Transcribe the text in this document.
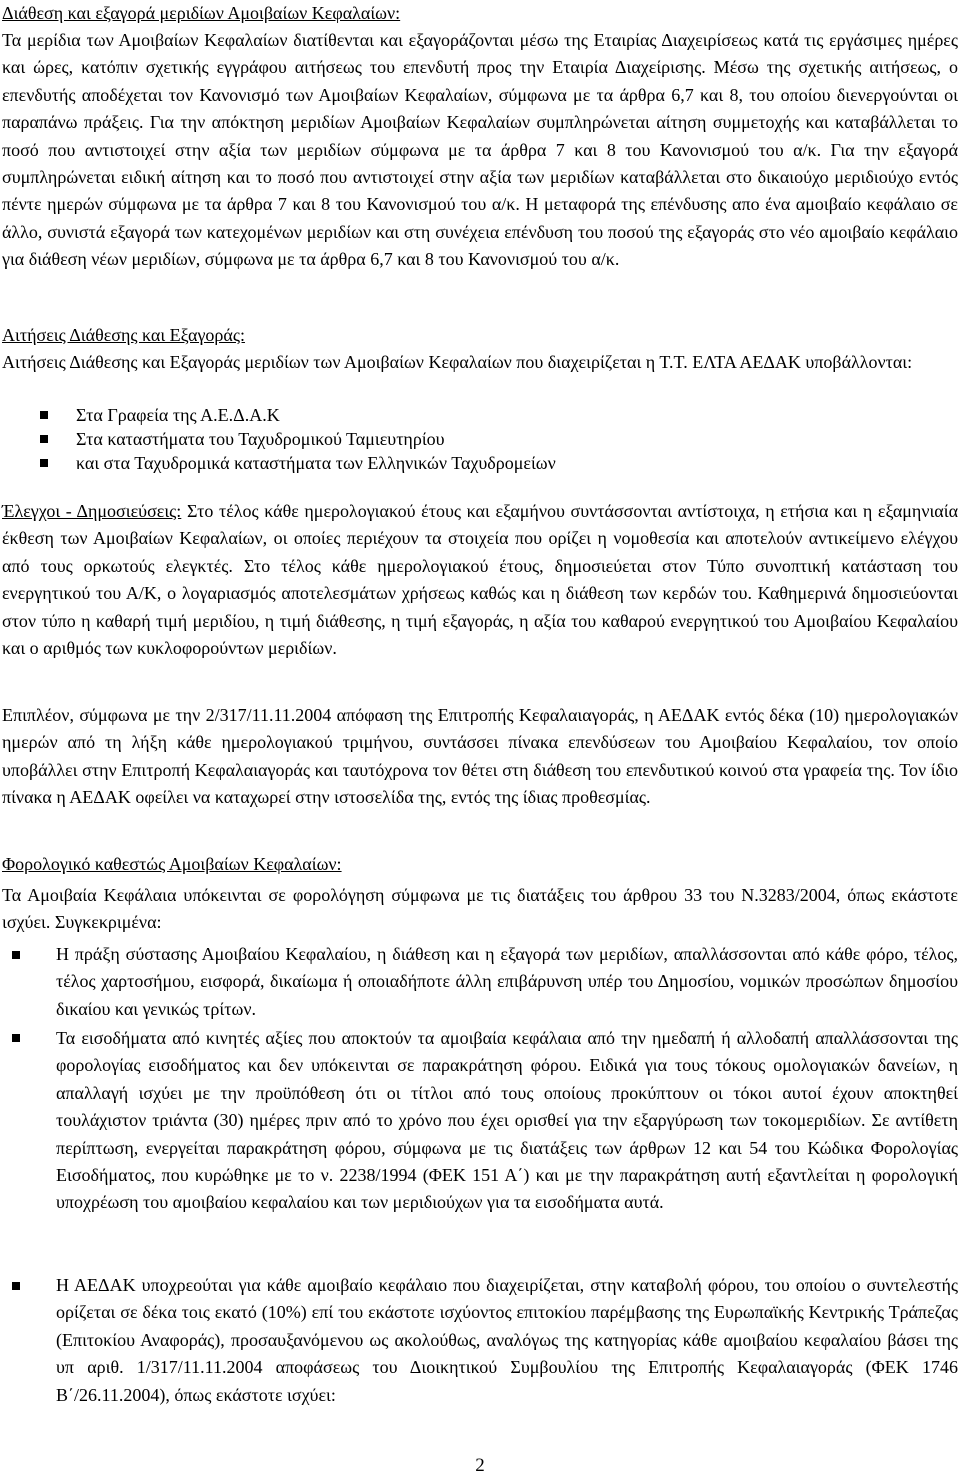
Διάθεση και εξαγορά μεριδίων Αμοιβαίων Κεφαλαίων:
Τα μερίδια των Αμοιβαίων Κεφαλαίων διατίθενται και εξαγοράζονται μέσω της Εταιρίας Διαχειρίσεως κατά τις εργάσιμες ημέρες και ώρες, κατόπιν σχετικής εγγράφου αιτήσεως του επενδυτή προς την Εταιρία Διαχείρισης. Μέσω της σχετικής αιτήσεως, ο επενδυτής αποδέχεται τον Κανονισμό των Αμοιβαίων Κεφαλαίων, σύμφωνα με τα άρθρα 6,7 και 8, του οποίου διενεργούνται οι παραπάνω πράξεις. Για την απόκτηση μεριδίων Αμοιβαίων Κεφαλαίων συμπληρώνεται αίτηση συμμετοχής και καταβάλλεται το ποσό που αντιστοιχεί στην αξία των μεριδίων σύμφωνα με τα άρθρα 7 και 8 του Κανονισμού του α/κ. Για την εξαγορά συμπληρώνεται ειδική αίτηση και το ποσό που αντιστοιχεί στην αξία των μεριδίων καταβάλλεται στο δικαιούχο μεριδιούχο εντός πέντε ημερών σύμφωνα με τα άρθρα 7 και 8 του Κανονισμού του α/κ. Η μεταφορά της επένδυσης απο ένα αμοιβαίο κεφάλαιο σε άλλο, συνιστά εξαγορά των κατεχομένων μεριδίων και στη συνέχεια επένδυση του ποσού της εξαγοράς στο νέο αμοιβαίο κεφάλαιο για διάθεση νέων μεριδίων, σύμφωνα με τα άρθρα 6,7 και 8 του Κανονισμού του α/κ.
Αιτήσεις Διάθεσης και Εξαγοράς:
Αιτήσεις Διάθεσης και Εξαγοράς μεριδίων των Αμοιβαίων Κεφαλαίων που διαχειρίζεται η Τ.Τ. ΕΛΤΑ ΑΕΔΑΚ υποβάλλονται:
Στα Γραφεία της Α.Ε.Δ.Α.Κ
Στα καταστήματα του Ταχυδρομικού Ταμιευτηρίου
και στα Ταχυδρομικά καταστήματα των Ελληνικών Ταχυδρομείων
Έλεγχοι - Δημοσιεύσεις: Στο τέλος κάθε ημερολογιακού έτους και εξαμήνου συντάσσονται αντίστοιχα, η ετήσια και η εξαμηνιαία έκθεση των Αμοιβαίων Κεφαλαίων, οι οποίες περιέχουν τα στοιχεία που ορίζει η νομοθεσία και αποτελούν αντικείμενο ελέγχου από τους ορκωτούς ελεγκτές. Στο τέλος κάθε ημερολογιακού έτους, δημοσιεύεται στον Τύπο συνοπτική κατάσταση του ενεργητικού του Α/Κ, ο λογαριασμός αποτελεσμάτων χρήσεως καθώς και η διάθεση των κερδών του. Καθημερινά δημοσιεύονται στον τύπο η καθαρή τιμή μεριδίου, η τιμή διάθεσης, η τιμή εξαγοράς, η αξία του καθαρού ενεργητικού του Αμοιβαίου Κεφαλαίου και ο αριθμός των κυκλοφορούντων μεριδίων.
Επιπλέον, σύμφωνα με την 2/317/11.11.2004 απόφαση της Επιτροπής Κεφαλαιαγοράς, η ΑΕΔΑΚ εντός δέκα (10) ημερολογιακών ημερών από τη λήξη κάθε ημερολογιακού τριμήνου, συντάσσει πίνακα επενδύσεων του Αμοιβαίου Κεφαλαίου, τον οποίο υποβάλλει στην Επιτροπή Κεφαλαιαγοράς και ταυτόχρονα τον θέτει στη διάθεση του επενδυτικού κοινού στα γραφεία της. Τον ίδιο πίνακα η ΑΕΔΑΚ οφείλει να καταχωρεί στην ιστοσελίδα της, εντός της ίδιας προθεσμίας.
Φορολογικό καθεστώς Αμοιβαίων Κεφαλαίων:
Τα Αμοιβαία Κεφάλαια υπόκεινται σε φορολόγηση σύμφωνα με τις διατάξεις του άρθρου 33 του Ν.3283/2004, όπως εκάστοτε ισχύει. Συγκεκριμένα:
Η πράξη σύστασης Αμοιβαίου Κεφαλαίου, η διάθεση και η εξαγορά των μεριδίων, απαλλάσσονται από κάθε φόρο, τέλος, τέλος χαρτοσήμου, εισφορά, δικαίωμα ή οποιαδήποτε άλλη επιβάρυνση υπέρ του Δημοσίου, νομικών προσώπων δημοσίου δικαίου και γενικώς τρίτων.
Τα εισοδήματα από κινητές αξίες που αποκτούν τα αμοιβαία κεφάλαια από την ημεδαπή ή αλλοδαπή απαλλάσσονται της φορολογίας εισοδήματος και δεν υπόκεινται σε παρακράτηση φόρου. Ειδικά για τους τόκους ομολογιακών δανείων, η απαλλαγή ισχύει με την προϋπόθεση ότι οι τίτλοι από τους οποίους προκύπτουν οι τόκοι αυτοί έχουν αποκτηθεί τουλάχιστον τριάντα (30) ημέρες πριν από το χρόνο που έχει ορισθεί για την εξαργύρωση των τοκομεριδίων. Σε αντίθετη περίπτωση, ενεργείται παρακράτηση φόρου, σύμφωνα με τις διατάξεις των άρθρων 12 και 54 του Κώδικα Φορολογίας Εισοδήματος, που κυρώθηκε με το ν. 2238/1994 (ΦΕΚ 151 Α΄) και με την παρακράτηση αυτή εξαντλείται η φορολογική υποχρέωση του αμοιβαίου κεφαλαίου και των μεριδιούχων για τα εισοδήματα αυτά.
Η ΑΕΔΑΚ υποχρεούται για κάθε αμοιβαίο κεφάλαιο που διαχειρίζεται, στην καταβολή φόρου, του οποίου ο συντελεστής ορίζεται σε δέκα τοις εκατό (10%) επί του εκάστοτε ισχύοντος επιτοκίου παρέμβασης της Ευρωπαϊκής Κεντρικής Τράπεζας (Επιτοκίου Αναφοράς), προσαυξανόμενου ως ακολούθως, αναλόγως της κατηγορίας κάθε αμοιβαίου κεφαλαίου βάσει της υπ αριθ. 1/317/11.11.2004 αποφάσεως του Διοικητικού Συμβουλίου της Επιτροπής Κεφαλαιαγοράς (ΦΕΚ 1746 Β΄/26.11.2004), όπως εκάστοτε ισχύει:
2
